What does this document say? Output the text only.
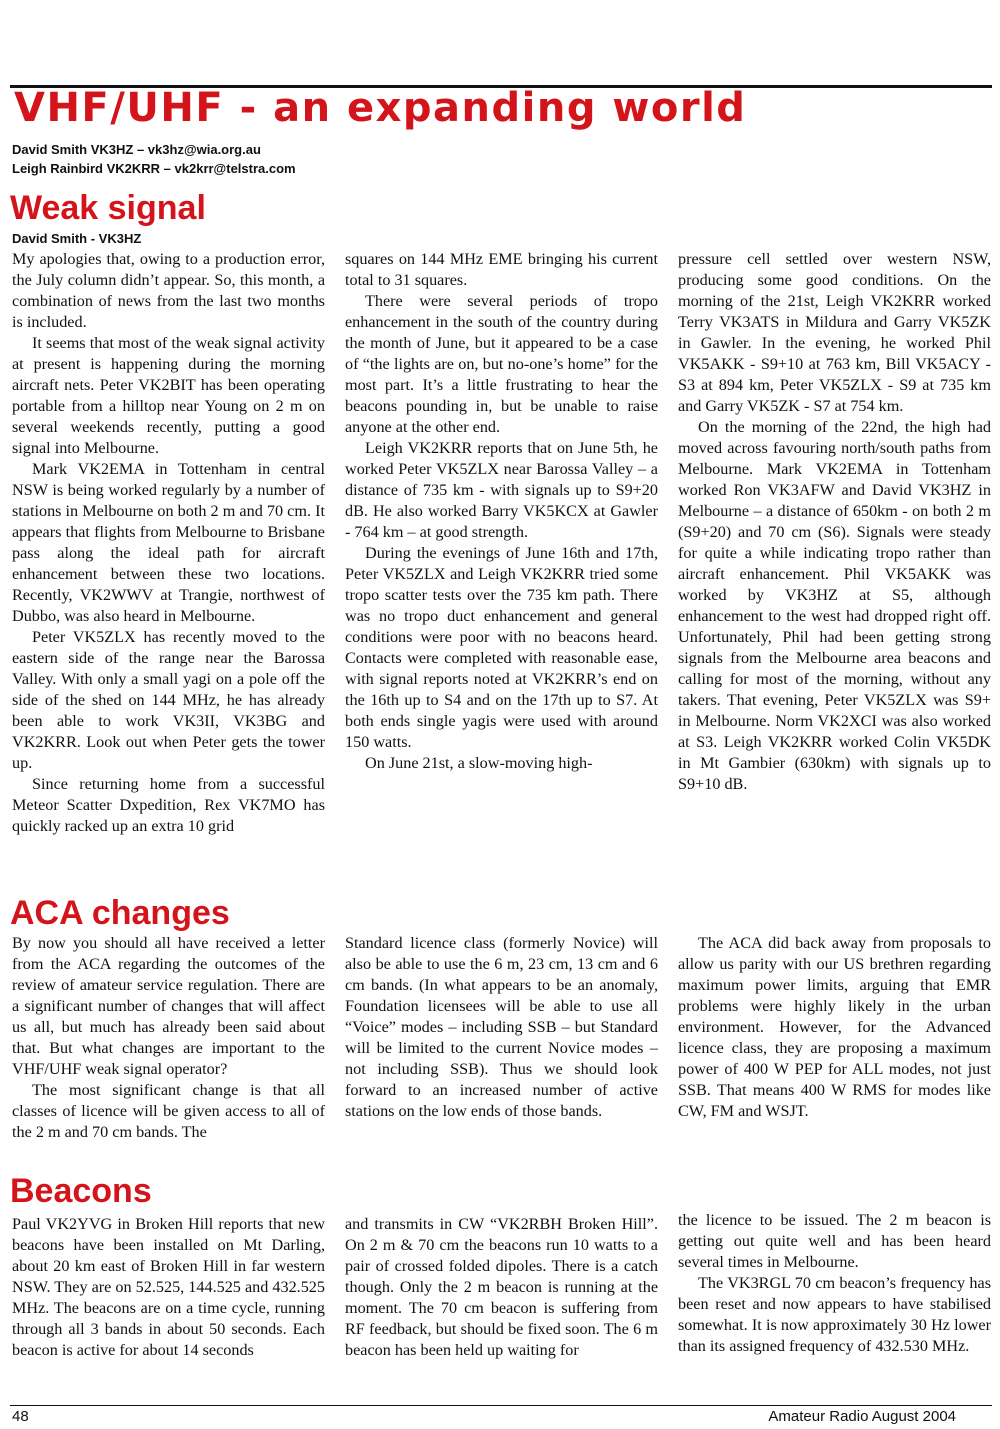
VHF/UHF - an expanding world
David Smith VK3HZ – vk3hz@wia.org.au
Leigh Rainbird VK2KRR – vk2krr@telstra.com
Weak signal
David Smith - VK3HZ

My apologies that, owing to a production error, the July column didn’t appear. So, this month, a combination of news from the last two months is included.

It seems that most of the weak signal activity at present is happening during the morning aircraft nets. Peter VK2BIT has been operating portable from a hilltop near Young on 2 m on several weekends recently, putting a good signal into Melbourne.

Mark VK2EMA in Tottenham in central NSW is being worked regularly by a number of stations in Melbourne on both 2 m and 70 cm. It appears that flights from Melbourne to Brisbane pass along the ideal path for aircraft enhancement between these two locations. Recently, VK2WWV at Trangie, northwest of Dubbo, was also heard in Melbourne.

Peter VK5ZLX has recently moved to the eastern side of the range near the Barossa Valley. With only a small yagi on a pole off the side of the shed on 144 MHz, he has already been able to work VK3II, VK3BG and VK2KRR. Look out when Peter gets the tower up.

Since returning home from a successful Meteor Scatter Dxpedition, Rex VK7MO has quickly racked up an extra 10 grid

squares on 144 MHz EME bringing his current total to 31 squares.

There were several periods of tropo enhancement in the south of the country during the month of June, but it appeared to be a case of “the lights are on, but no-one’s home” for the most part. It’s a little frustrating to hear the beacons pounding in, but be unable to raise anyone at the other end.

Leigh VK2KRR reports that on June 5th, he worked Peter VK5ZLX near Barossa Valley – a distance of 735 km - with signals up to S9+20 dB. He also worked Barry VK5KCX at Gawler - 764 km – at good strength.

During the evenings of June 16th and 17th, Peter VK5ZLX and Leigh VK2KRR tried some tropo scatter tests over the 735 km path. There was no tropo duct enhancement and general conditions were poor with no beacons heard. Contacts were completed with reasonable ease, with signal reports noted at VK2KRR’s end on the 16th up to S4 and on the 17th up to S7. At both ends single yagis were used with around 150 watts.

On June 21st, a slow-moving high-

pressure cell settled over western NSW, producing some good conditions. On the morning of the 21st, Leigh VK2KRR worked Terry VK3ATS in Mildura and Garry VK5ZK in Gawler. In the evening, he worked Phil VK5AKK - S9+10 at 763 km, Bill VK5ACY - S3 at 894 km, Peter VK5ZLX - S9 at 735 km and Garry VK5ZK - S7 at 754 km.

On the morning of the 22nd, the high had moved across favouring north/south paths from Melbourne. Mark VK2EMA in Tottenham worked Ron VK3AFW and David VK3HZ in Melbourne – a distance of 650km - on both 2 m (S9+20) and 70 cm (S6). Signals were steady for quite a while indicating tropo rather than aircraft enhancement. Phil VK5AKK was worked by VK3HZ at S5, although enhancement to the west had dropped right off. Unfortunately, Phil had been getting strong signals from the Melbourne area beacons and calling for most of the morning, without any takers. That evening, Peter VK5ZLX was S9+ in Melbourne. Norm VK2XCI was also worked at S3. Leigh VK2KRR worked Colin VK5DK in Mt Gambier (630km) with signals up to S9+10 dB.

ACA changes

By now you should all have received a letter from the ACA regarding the outcomes of the review of amateur service regulation. There are a significant number of changes that will affect us all, but much has already been said about that. But what changes are important to the VHF/UHF weak signal operator?

The most significant change is that all classes of licence will be given access to all of the 2 m and 70 cm bands. The

Standard licence class (formerly Novice) will also be able to use the 6 m, 23 cm, 13 cm and 6 cm bands. (In what appears to be an anomaly, Foundation licensees will be able to use all “Voice” modes – including SSB – but Standard will be limited to the current Novice modes – not including SSB). Thus we should look forward to an increased number of active stations on the low ends of those bands.

The ACA did back away from proposals to allow us parity with our US brethren regarding maximum power limits, arguing that EMR problems were highly likely in the urban environment. However, for the Advanced licence class, they are proposing a maximum power of 400 W PEP for ALL modes, not just SSB. That means 400 W RMS for modes like CW, FM and WSJT.

Beacons

Paul VK2YVG in Broken Hill reports that new beacons have been installed on Mt Darling, about 20 km east of Broken Hill in far western NSW. They are on 52.525, 144.525 and 432.525 MHz. The beacons are on a time cycle, running through all 3 bands in about 50 seconds. Each beacon is active for about 14 seconds

and transmits in CW “VK2RBH Broken Hill”. On 2 m & 70 cm the beacons run 10 watts to a pair of crossed folded dipoles. There is a catch though. Only the 2 m beacon is running at the moment. The 70 cm beacon is suffering from RF feedback, but should be fixed soon. The 6 m beacon has been held up waiting for

the licence to be issued. The 2 m beacon is getting out quite well and has been heard several times in Melbourne.

The VK3RGL 70 cm beacon’s frequency has been reset and now appears to have stabilised somewhat. It is now approximately 30 Hz lower than its assigned frequency of 432.530 MHz.

48	Amateur Radio August 2004
